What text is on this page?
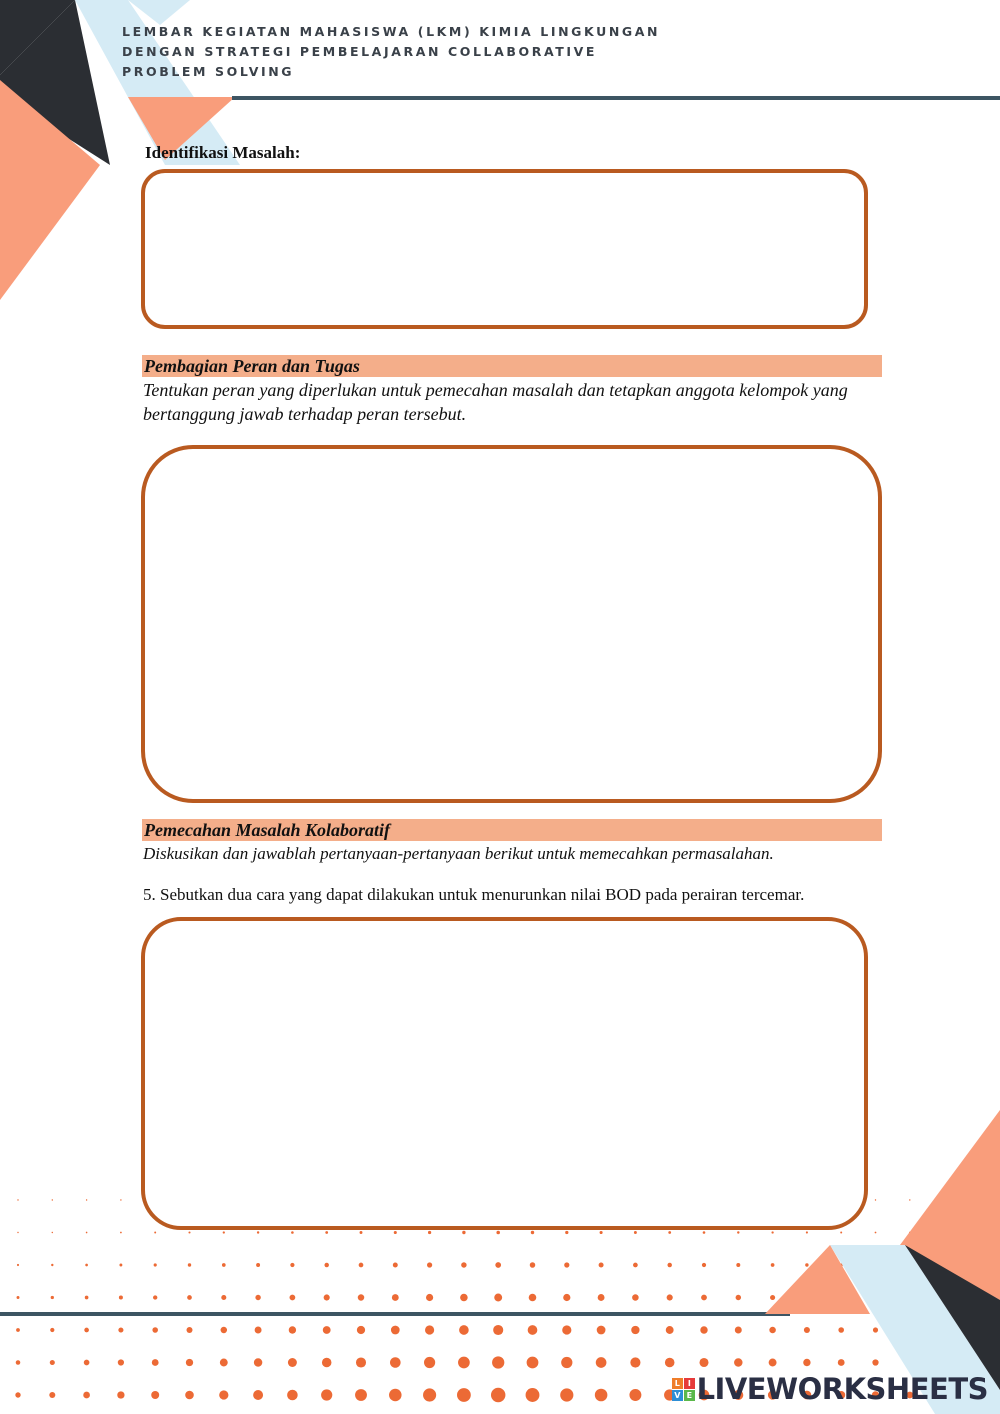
LEMBAR KEGIATAN MAHASISWA (LKM) KIMIA LINGKUNGAN
DENGAN STRATEGI PEMBELAJARAN COLLABORATIVE
PROBLEM SOLVING
Identifikasi Masalah:
Pembagian Peran dan Tugas
Tentukan peran yang diperlukan untuk pemecahan masalah dan tetapkan anggota kelompok yang bertanggung jawab terhadap peran tersebut.
Pemecahan Masalah Kolaboratif
Diskusikan dan jawablah pertanyaan-pertanyaan berikut untuk memecahkan permasalahan.
5. Sebutkan dua cara yang dapat dilakukan untuk menurunkan nilai BOD pada perairan tercemar.
L	I
V E LIVEWORKSHEETS
